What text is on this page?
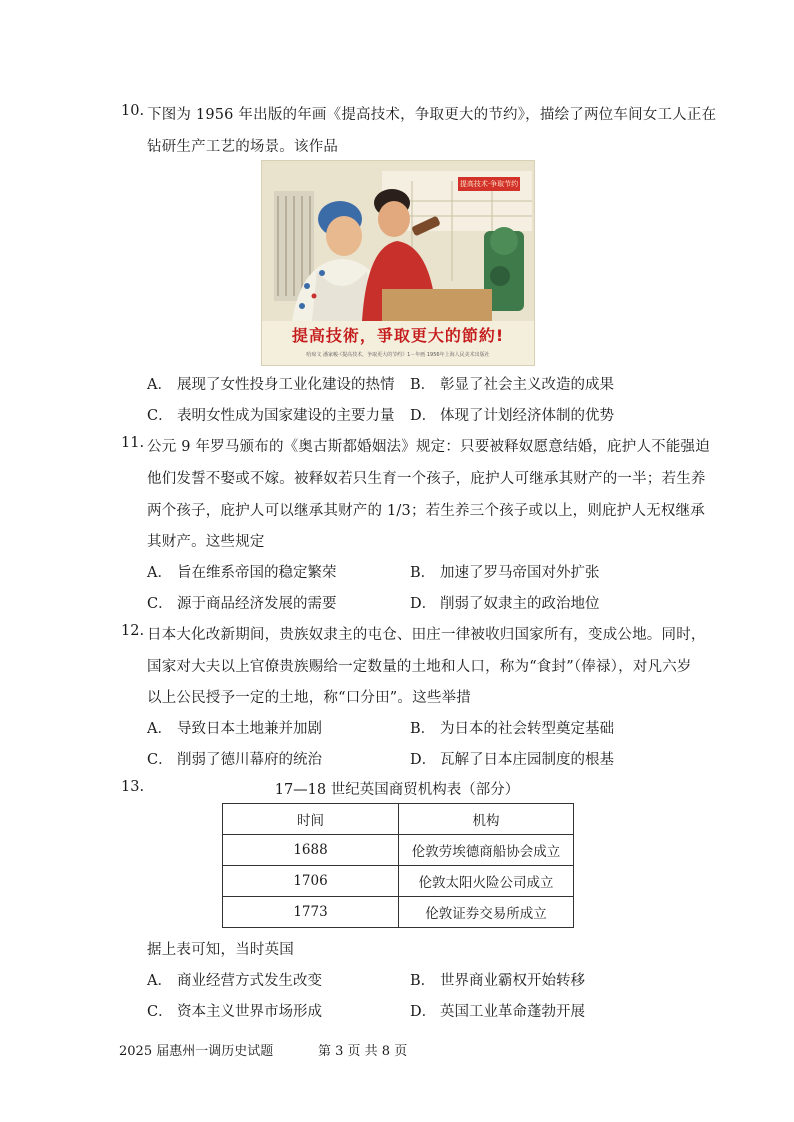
10. 下图为 1956 年出版的年画《提高技术，争取更大的节约》，描绘了两位车间女工人正在
钻研生产工艺的场景。该作品
提高技术·争取节约
提高技術，爭取更大的節約!
哈琼文 潘家峻·《提高技术，争取更大的节约》1－年画 1956年上海人民美术出版社
A． 展现了女性投身工业化建设的热情 B． 彰显了社会主义改造的成果
C． 表明女性成为国家建设的主要力量 D． 体现了计划经济体制的优势
11. 公元 9 年罗马颁布的《奥古斯都婚姻法》规定：只要被释奴愿意结婚，庇护人不能强迫
他们发誓不娶或不嫁。被释奴若只生育一个孩子，庇护人可继承其财产的一半；若生养
两个孩子，庇护人可以继承其财产的 1/3；若生养三个孩子或以上，则庇护人无权继承
其财产。这些规定
A． 旨在维系帝国的稳定繁荣	B． 加速了罗马帝国对外扩张
C． 源于商品经济发展的需要	D． 削弱了奴隶主的政治地位
12. 日本大化改新期间，贵族奴隶主的屯仓、田庄一律被收归国家所有，变成公地。同时，
国家对大夫以上官僚贵族赐给一定数量的土地和人口，称为“食封”（俸禄），对凡六岁
以上公民授予一定的土地，称“口分田”。这些举措
A． 导致日本土地兼并加剧	B． 为日本的社会转型奠定基础
C． 削弱了德川幕府的统治	D． 瓦解了日本庄园制度的根基
13.	17—18 世纪英国商贸机构表（部分）
时间	机构
1688	伦敦劳埃德商船协会成立
1706	伦敦太阳火险公司成立
1773	伦敦证券交易所成立
据上表可知，当时英国
A． 商业经营方式发生改变	B． 世界商业霸权开始转移
C． 资本主义世界市场形成	D． 英国工业革命蓬勃开展
2025 届惠州一调历史试题	第 3 页 共 8 页
